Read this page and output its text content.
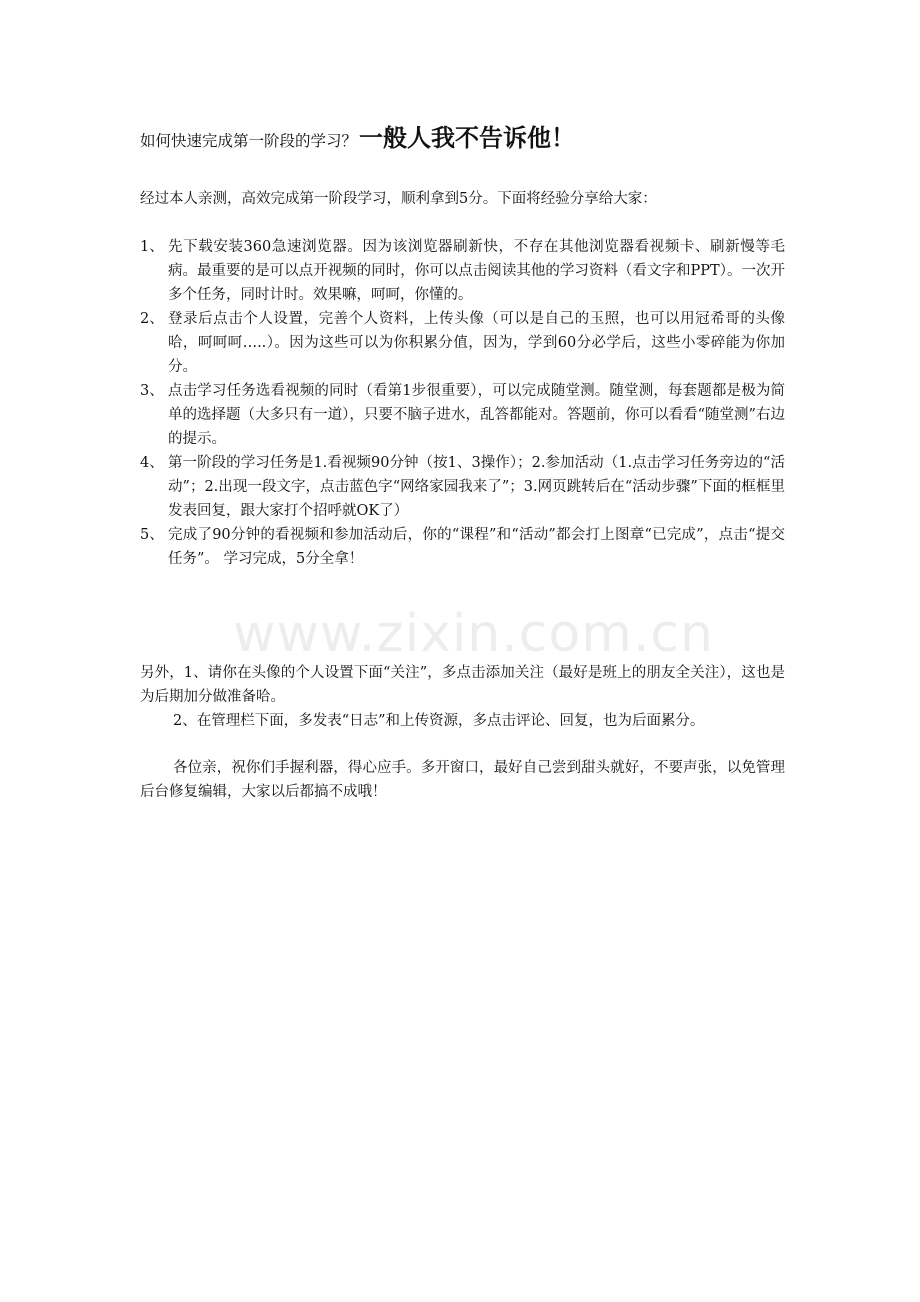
www.zixin.com.cn

如何快速完成第一阶段的学习？一般人我不告诉他！

经过本人亲测，高效完成第一阶段学习，顺利拿到5分。下面将经验分享给大家：

1、 先下载安装360急速浏览器。因为该浏览器刷新快，不存在其他浏览器看视频卡、刷新慢等毛病。最重要的是可以点开视频的同时，你可以点击阅读其他的学习资料（看文字和PPT）。一次开多个任务，同时计时。效果嘛，呵呵，你懂的。
2、 登录后点击个人设置，完善个人资料，上传头像（可以是自己的玉照，也可以用冠希哥的头像哈，呵呵呵…..）。因为这些可以为你积累分值，因为，学到60分必学后，这些小零碎能为你加分。
3、 点击学习任务选看视频的同时（看第1步很重要），可以完成随堂测。随堂测，每套题都是极为简单的选择题（大多只有一道），只要不脑子进水，乱答都能对。答题前，你可以看看“随堂测”右边的提示。
4、 第一阶段的学习任务是1.看视频90分钟（按1、3操作）；2.参加活动（1.点击学习任务旁边的“活动”；2.出现一段文字，点击蓝色字“网络家园我来了”；3.网页跳转后在“活动步骤”下面的框框里发表回复，跟大家打个招呼就OK了）
5、 完成了90分钟的看视频和参加活动后，你的“课程”和“活动”都会打上图章“已完成”，点击“提交任务”。 学习完成，5分全拿！

另外，1、请你在头像的个人设置下面“关注”，多点击添加关注（最好是班上的朋友全关注），这也是为后期加分做准备哈。

2、在管理栏下面，多发表“日志”和上传资源，多点击评论、回复，也为后面累分。

各位亲，祝你们手握利器，得心应手。多开窗口，最好自己尝到甜头就好，不要声张，以免管理后台修复编辑，大家以后都搞不成哦！
